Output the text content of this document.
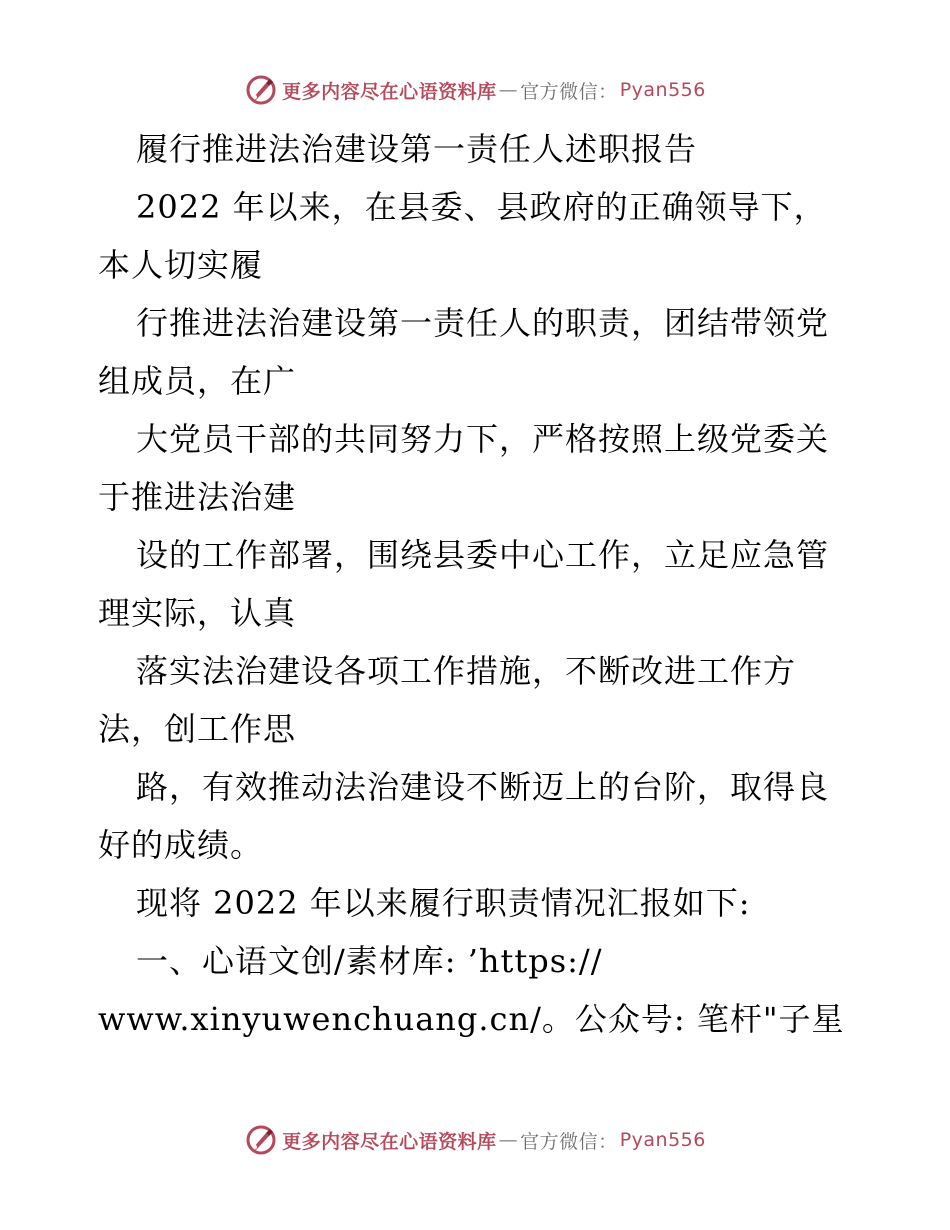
更多内容尽在心语资料库 — 官方微信： Pyan556
履行推进法治建设第一责任人述职报告
2022 年以来，在县委、县政府的正确领导下，
本人切实履
行推进法治建设第一责任人的职责，团结带领党
组成员，在广
大党员干部的共同努力下，严格按照上级党委关
于推进法治建
设的工作部署，围绕县委中心工作，立足应急管
理实际，认真
落实法治建设各项工作措施，不断改进工作方
法，创工作思
路，有效推动法治建设不断迈上的台阶，取得良
好的成绩。
现将 2022 年以来履行职责情况汇报如下:
一、心语文创/素材库: ’https://
www.xinyuwenchuang.cn/。公众号: 笔杆"子星
更多内容尽在心语资料库 — 官方微信： Pyan556
